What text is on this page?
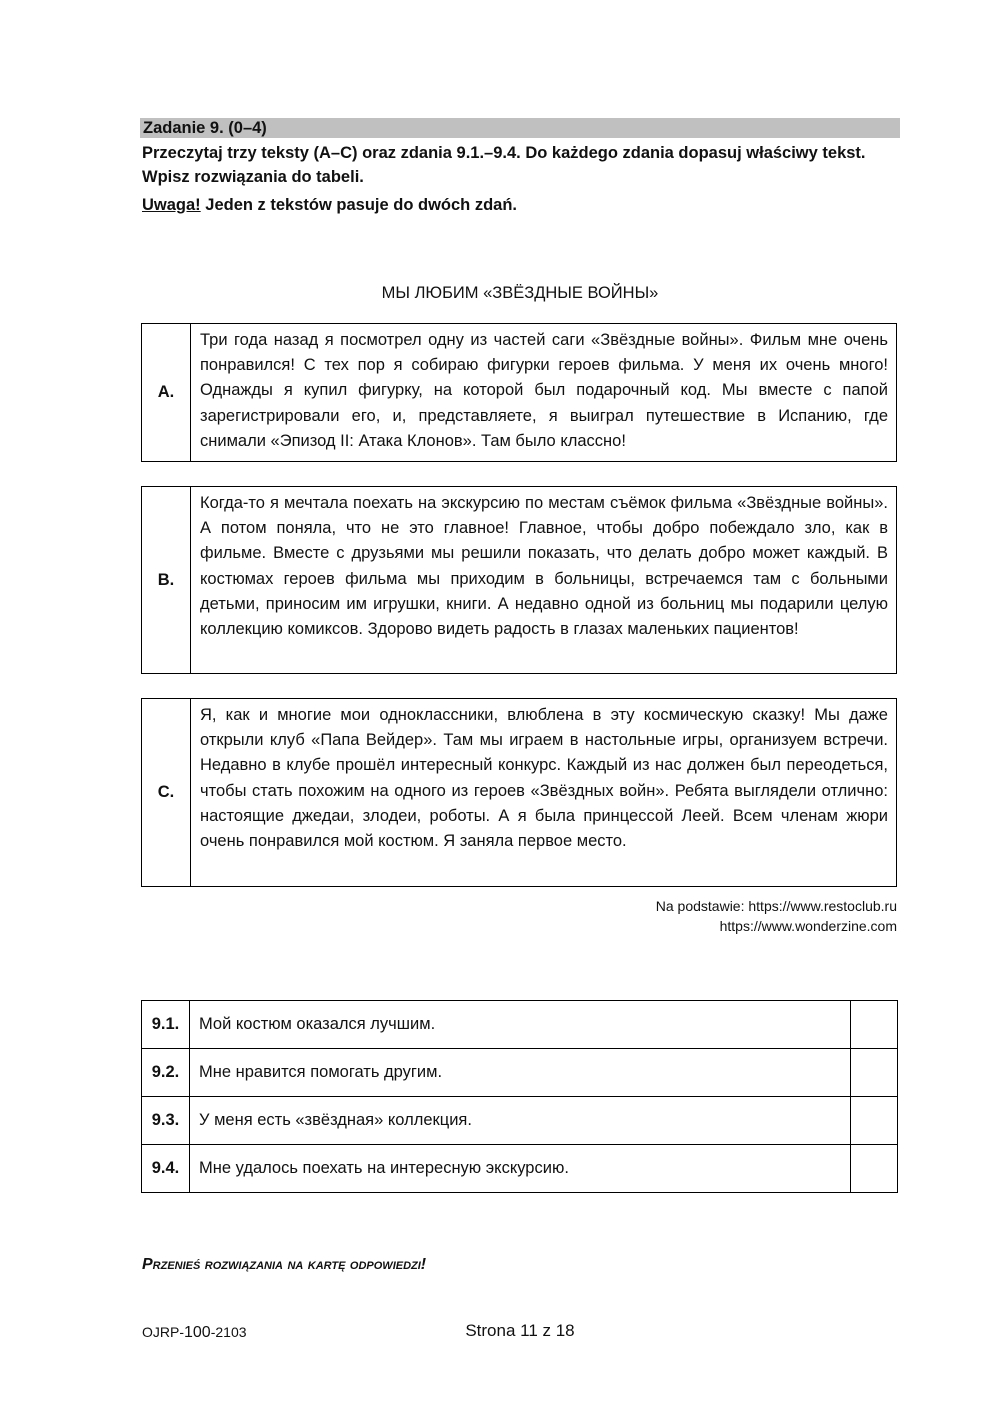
Zadanie 9. (0–4)
Przeczytaj trzy teksty (A–C) oraz zdania 9.1.–9.4. Do każdego zdania dopasuj właściwy tekst. Wpisz rozwiązania do tabeli.
Uwaga! Jeden z tekstów pasuje do dwóch zdań.
МЫ ЛЮБИМ «ЗВЁЗДНЫЕ ВОЙНЫ»
A.
Три года назад я посмотрел одну из частей саги «Звёздные войны». Фильм мне очень понравился! С тех пор я собираю фигурки героев фильма. У меня их очень много! Однажды я купил фигурку, на которой был подарочный код. Мы вместе с папой зарегистрировали его, и, представляете, я выиграл путешествие в Испанию, где снимали «Эпизод II: Атака Клонов». Там было классно!
B.
Когда-то я мечтала поехать на экскурсию по местам съёмок фильма «Звёздные войны». А потом поняла, что не это главное! Главное, чтобы добро побеждало зло, как в фильме. Вместе с друзьями мы решили показать, что делать добро может каждый. В костюмах героев фильма мы приходим в больницы, встречаемся там с больными детьми, приносим им игрушки, книги. А недавно одной из больниц мы подарили целую коллекцию комиксов. Здорово видеть радость в глазах маленьких пациентов!
C.
Я, как и многие мои одноклассники, влюблена в эту космическую сказку! Мы даже открыли клуб «Папа Вейдер». Там мы играем в настольные игры, организуем встречи. Недавно в клубе прошёл интересный конкурс. Каждый из нас должен был переодеться, чтобы стать похожим на одного из героев «Звёздных войн». Ребята выглядели отлично: настоящие джедаи, злодеи, роботы. А я была принцессой Леей. Всем членам жюри очень понравился мой костюм. Я заняла первое место.
Na podstawie: https://www.restoclub.ru
https://www.wonderzine.com
9.1.	Мой костюм оказался лучшим.	
9.2.	Мне нравится помогать другим.	
9.3.	У меня есть «звёздная» коллекция.	
9.4.	Мне удалось поехать на интересную экскурсию.	
Przenieś rozwiązania na kartę odpowiedzi!
OJRP-100-2103	Strona 11 z 18
